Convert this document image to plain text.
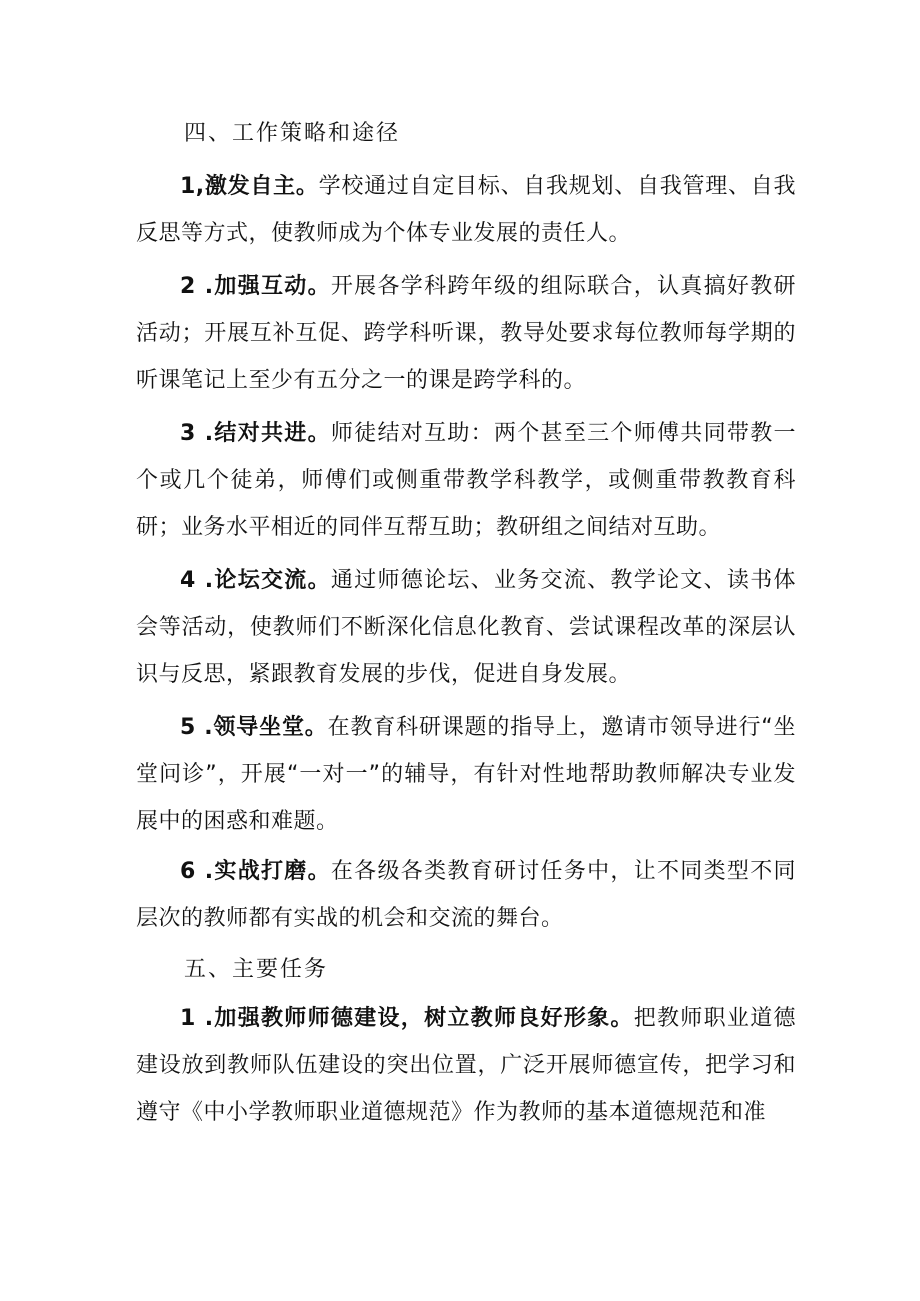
四、工作策略和途径

1,激发自主。学校通过自定目标、自我规划、自我管理、自我反思等方式，使教师成为个体专业发展的责任人。

2 .加强互动。开展各学科跨年级的组际联合，认真搞好教研活动；开展互补互促、跨学科听课，教导处要求每位教师每学期的听课笔记上至少有五分之一的课是跨学科的。

3 .结对共进。师徒结对互助：两个甚至三个师傅共同带教一个或几个徒弟，师傅们或侧重带教学科教学，或侧重带教教育科研；业务水平相近的同伴互帮互助；教研组之间结对互助。

4 .论坛交流。通过师德论坛、业务交流、教学论文、读书体会等活动，使教师们不断深化信息化教育、尝试课程改革的深层认识与反思，紧跟教育发展的步伐，促进自身发展。

5 .领导坐堂。在教育科研课题的指导上，邀请市领导进行“坐堂问诊”，开展“一对一”的辅导，有针对性地帮助教师解决专业发展中的困惑和难题。

6 .实战打磨。在各级各类教育研讨任务中，让不同类型不同层次的教师都有实战的机会和交流的舞台。

五、主要任务

1 .加强教师师德建设，树立教师良好形象。把教师职业道德建设放到教师队伍建设的突出位置，广泛开展师德宣传，把学习和遵守《中小学教师职业道德规范》作为教师的基本道德规范和准
